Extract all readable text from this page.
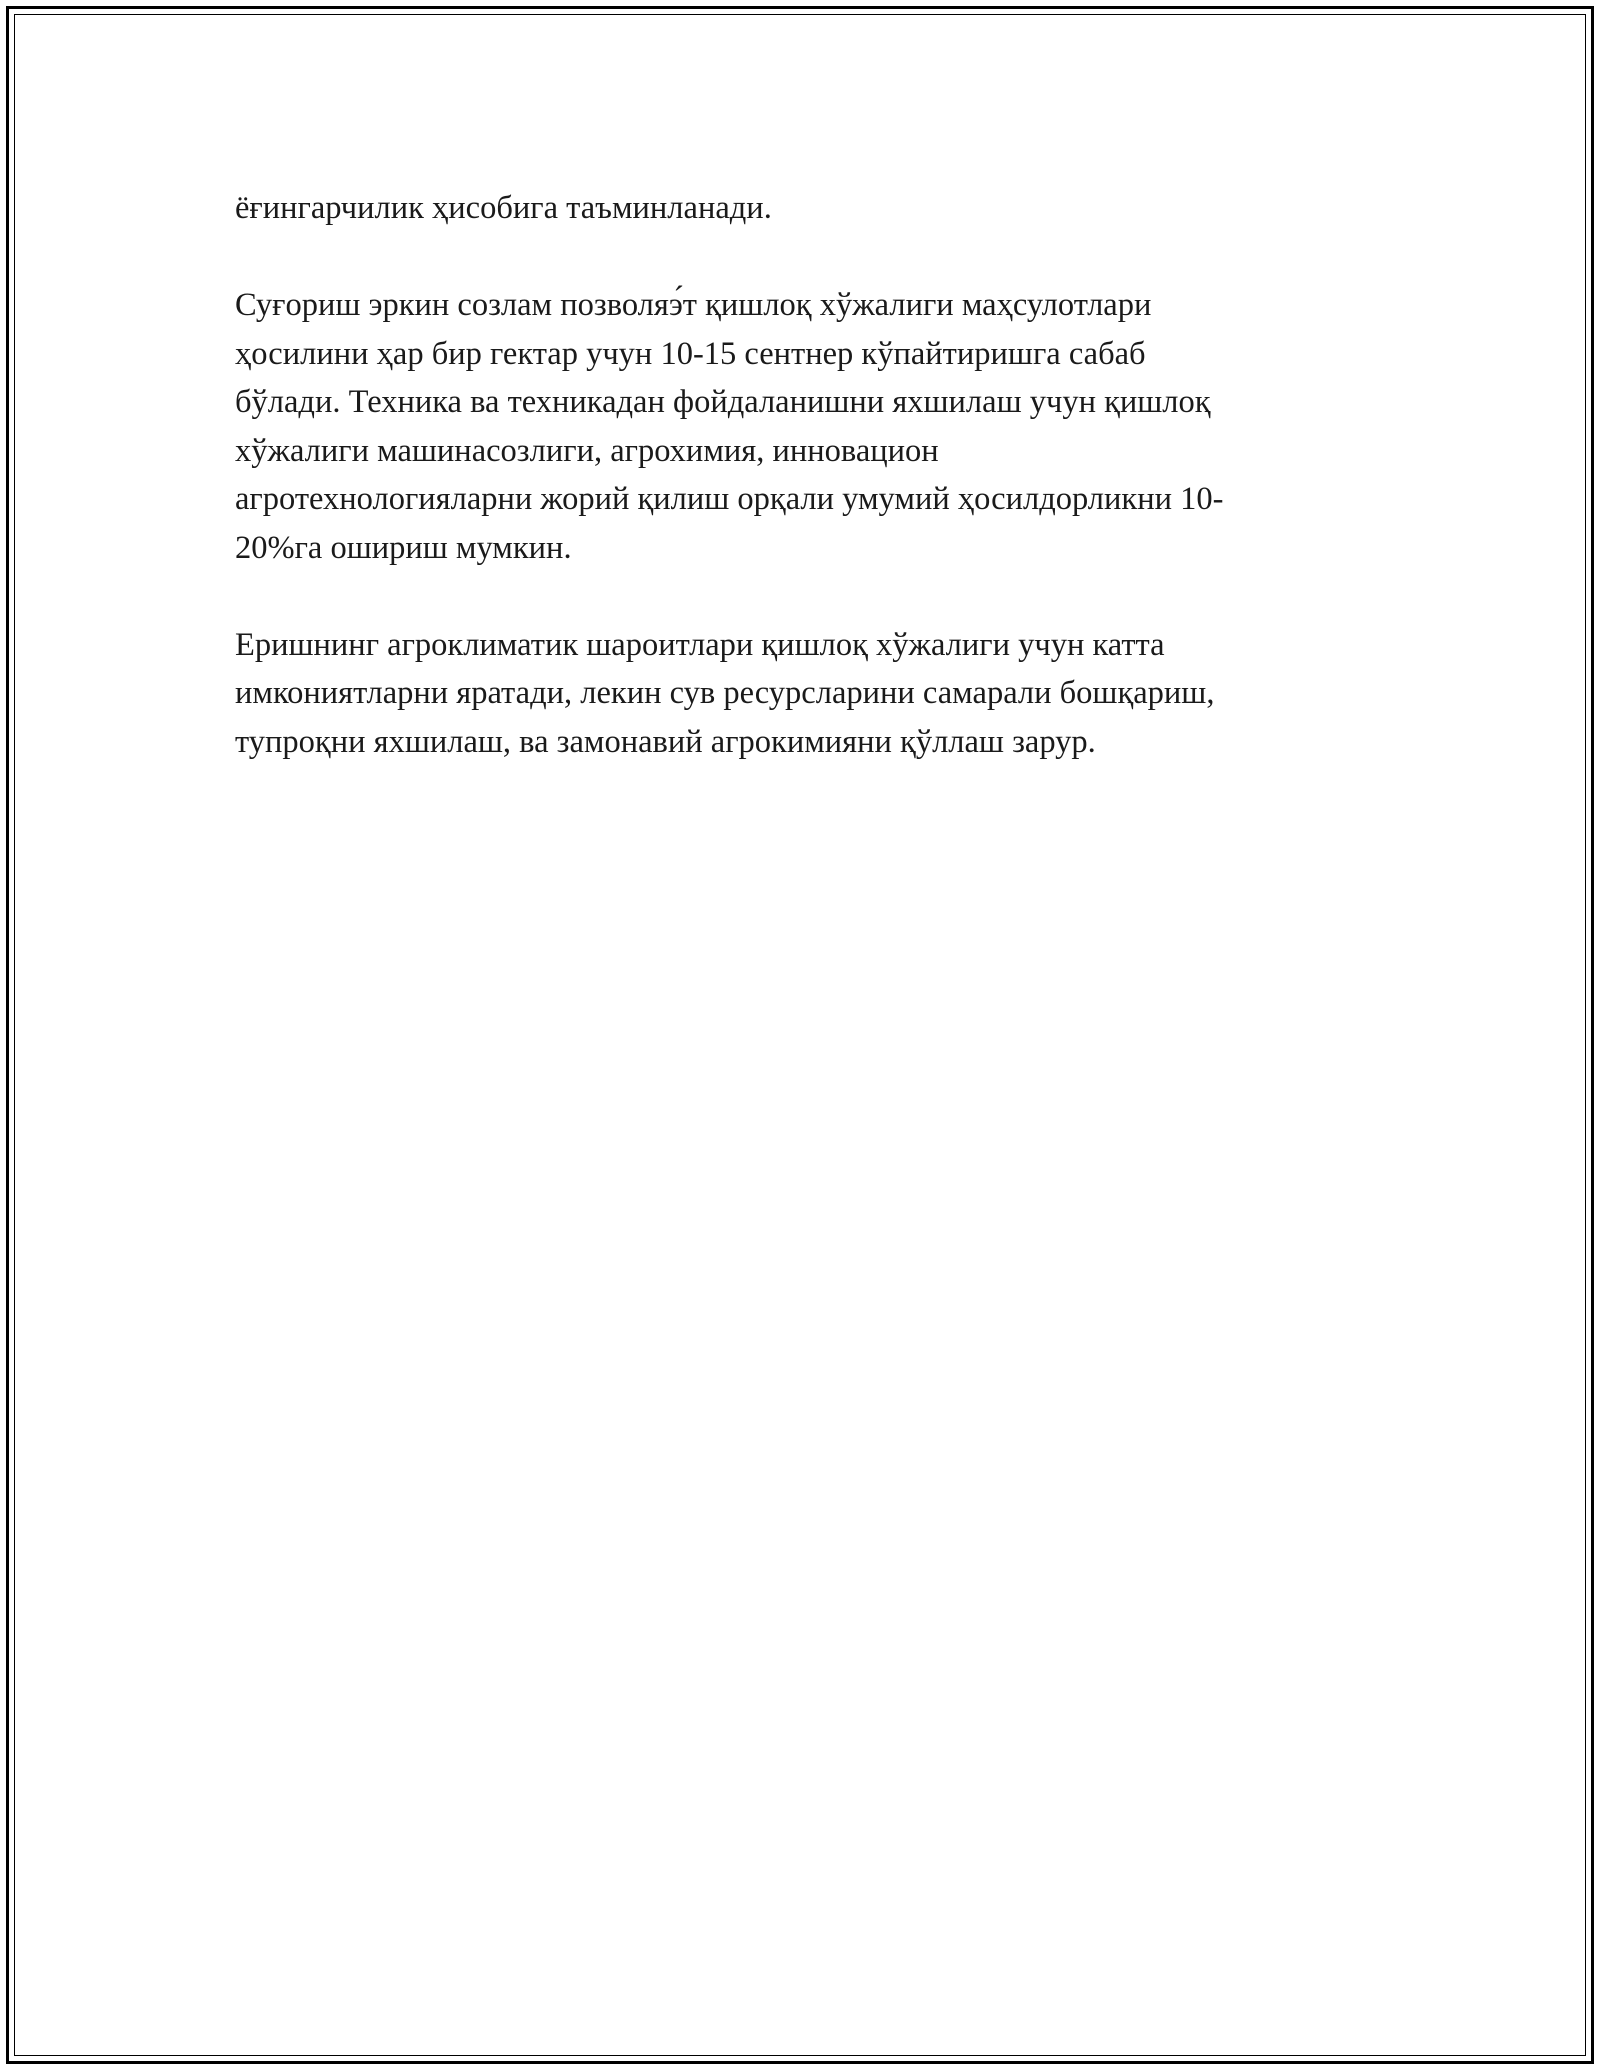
ёғингарчилик ҳисобига таъминланади.
Суғориш эркин созлам позволяэ́т қишлоқ хўжалиги маҳсулотлари
ҳосилини ҳар бир гектар учун 10-15 сентнер кўпайтиришга сабаб
бўлади. Техника ва техникадан фойдаланишни яхшилаш учун қишлоқ
хўжалиги машинасозлиги, агрохимия, инновацион
агротехнологияларни жорий қилиш орқали умумий ҳосилдорликни 10-
20%га ошириш мумкин.
Еришнинг агроклиматик шароитлари қишлоқ хўжалиги учун катта
имкониятларни яратади, лекин сув ресурсларини самарали бошқариш,
тупроқни яхшилаш, ва замонавий агрокимияни қўллаш зарур.
